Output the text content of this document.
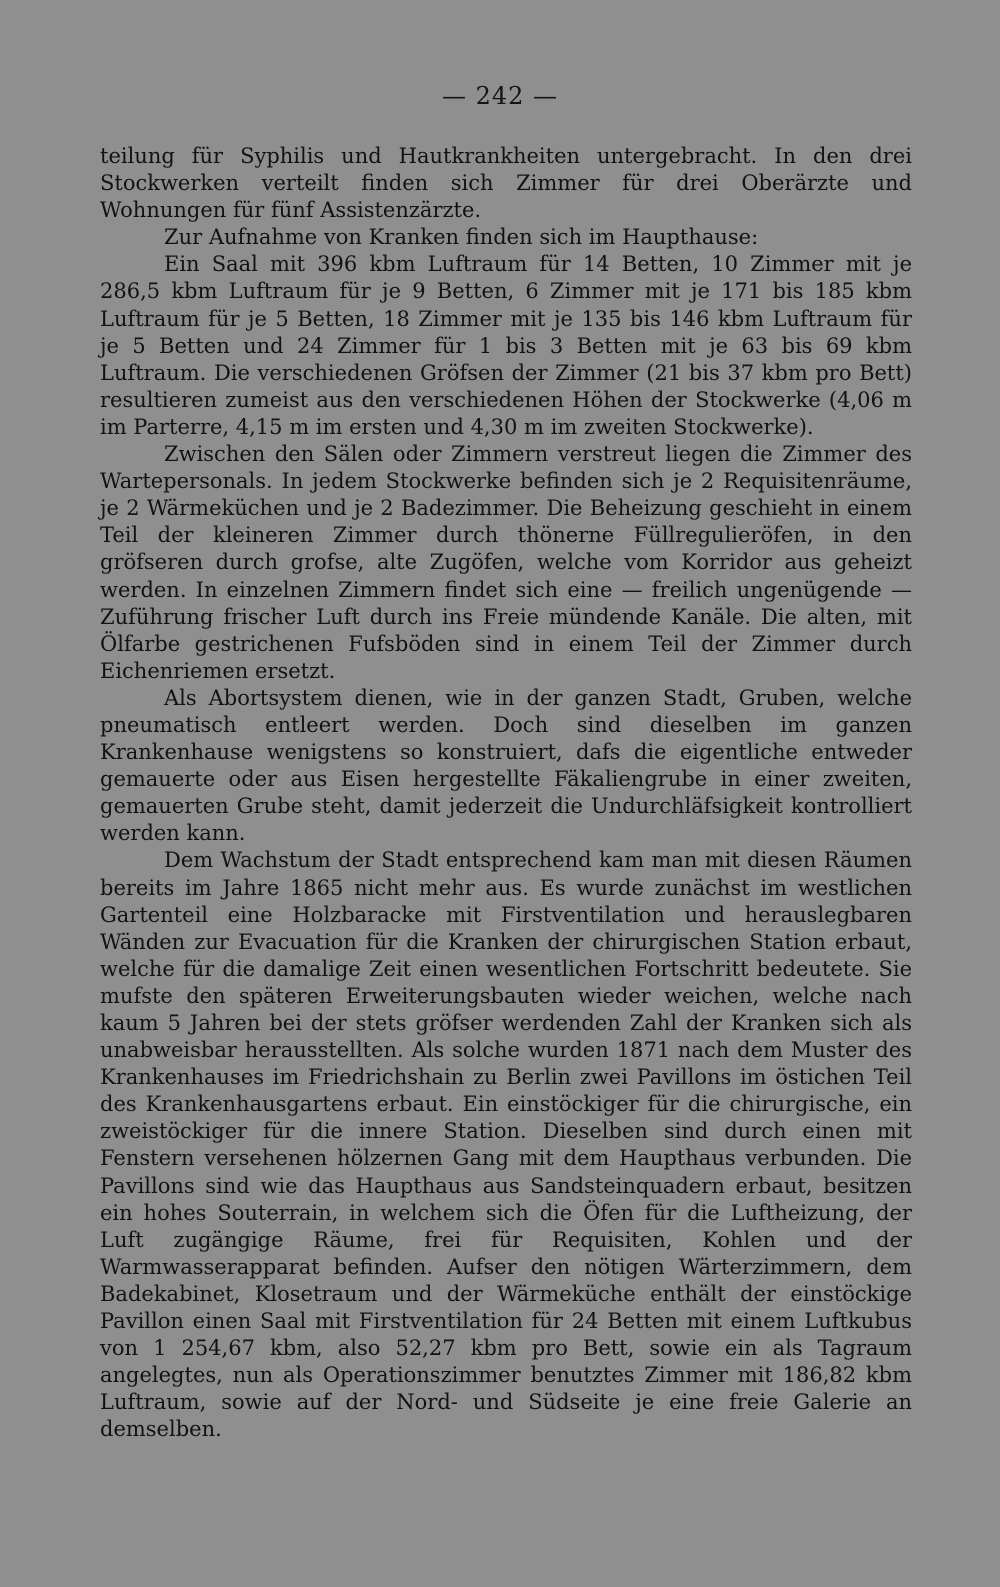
— 242 —

teilung für Syphilis und Hautkrankheiten untergebracht. In den drei Stockwerken verteilt finden sich Zimmer für drei Oberärzte und Wohnungen für fünf Assistenzärzte.

Zur Aufnahme von Kranken finden sich im Haupthause:

Ein Saal mit 396 kbm Luftraum für 14 Betten, 10 Zimmer mit je 286,5 kbm Luftraum für je 9 Betten, 6 Zimmer mit je 171 bis 185 kbm Luftraum für je 5 Betten, 18 Zimmer mit je 135 bis 146 kbm Luftraum für je 5 Betten und 24 Zimmer für 1 bis 3 Betten mit je 63 bis 69 kbm Luftraum. Die verschiedenen Gröfsen der Zimmer (21 bis 37 kbm pro Bett) resultieren zumeist aus den verschiedenen Höhen der Stockwerke (4,06 m im Parterre, 4,15 m im ersten und 4,30 m im zweiten Stockwerke).

Zwischen den Sälen oder Zimmern verstreut liegen die Zimmer des Wartepersonals. In jedem Stockwerke befinden sich je 2 Requisitenräume, je 2 Wärmeküchen und je 2 Badezimmer. Die Beheizung geschieht in einem Teil der kleineren Zimmer durch thönerne Füllregulieröfen, in den gröfseren durch grofse, alte Zugöfen, welche vom Korridor aus geheizt werden. In einzelnen Zimmern findet sich eine — freilich ungenügende — Zuführung frischer Luft durch ins Freie mündende Kanäle. Die alten, mit Ölfarbe gestrichenen Fufsböden sind in einem Teil der Zimmer durch Eichenriemen ersetzt.

Als Abortsystem dienen, wie in der ganzen Stadt, Gruben, welche pneumatisch entleert werden. Doch sind dieselben im ganzen Krankenhause wenigstens so konstruiert, dafs die eigentliche entweder gemauerte oder aus Eisen hergestellte Fäkaliengrube in einer zweiten, gemauerten Grube steht, damit jederzeit die Undurchläfsigkeit kontrolliert werden kann.

Dem Wachstum der Stadt entsprechend kam man mit diesen Räumen bereits im Jahre 1865 nicht mehr aus. Es wurde zunächst im westlichen Gartenteil eine Holzbaracke mit Firstventilation und herauslegbaren Wänden zur Evacuation für die Kranken der chirurgischen Station erbaut, welche für die damalige Zeit einen wesentlichen Fortschritt bedeutete. Sie mufste den späteren Erweiterungsbauten wieder weichen, welche nach kaum 5 Jahren bei der stets gröfser werdenden Zahl der Kranken sich als unabweisbar herausstellten. Als solche wurden 1871 nach dem Muster des Krankenhauses im Friedrichshain zu Berlin zwei Pavillons im östichen Teil des Krankenhausgartens erbaut. Ein einstöckiger für die chirurgische, ein zweistöckiger für die innere Station. Dieselben sind durch einen mit Fenstern versehenen hölzernen Gang mit dem Haupthaus verbunden. Die Pavillons sind wie das Haupthaus aus Sandsteinquadern erbaut, besitzen ein hohes Souterrain, in welchem sich die Öfen für die Luftheizung, der Luft zugängige Räume, frei für Requisiten, Kohlen und der Warmwasserapparat befinden. Aufser den nötigen Wärterzimmern, dem Badekabinet, Klosetraum und der Wärmeküche enthält der einstöckige Pavillon einen Saal mit Firstventilation für 24 Betten mit einem Luftkubus von 1 254,67 kbm, also 52,27 kbm pro Bett, sowie ein als Tagraum angelegtes, nun als Operationszimmer benutztes Zimmer mit 186,82 kbm Luftraum, sowie auf der Nord- und Südseite je eine freie Galerie an demselben.
